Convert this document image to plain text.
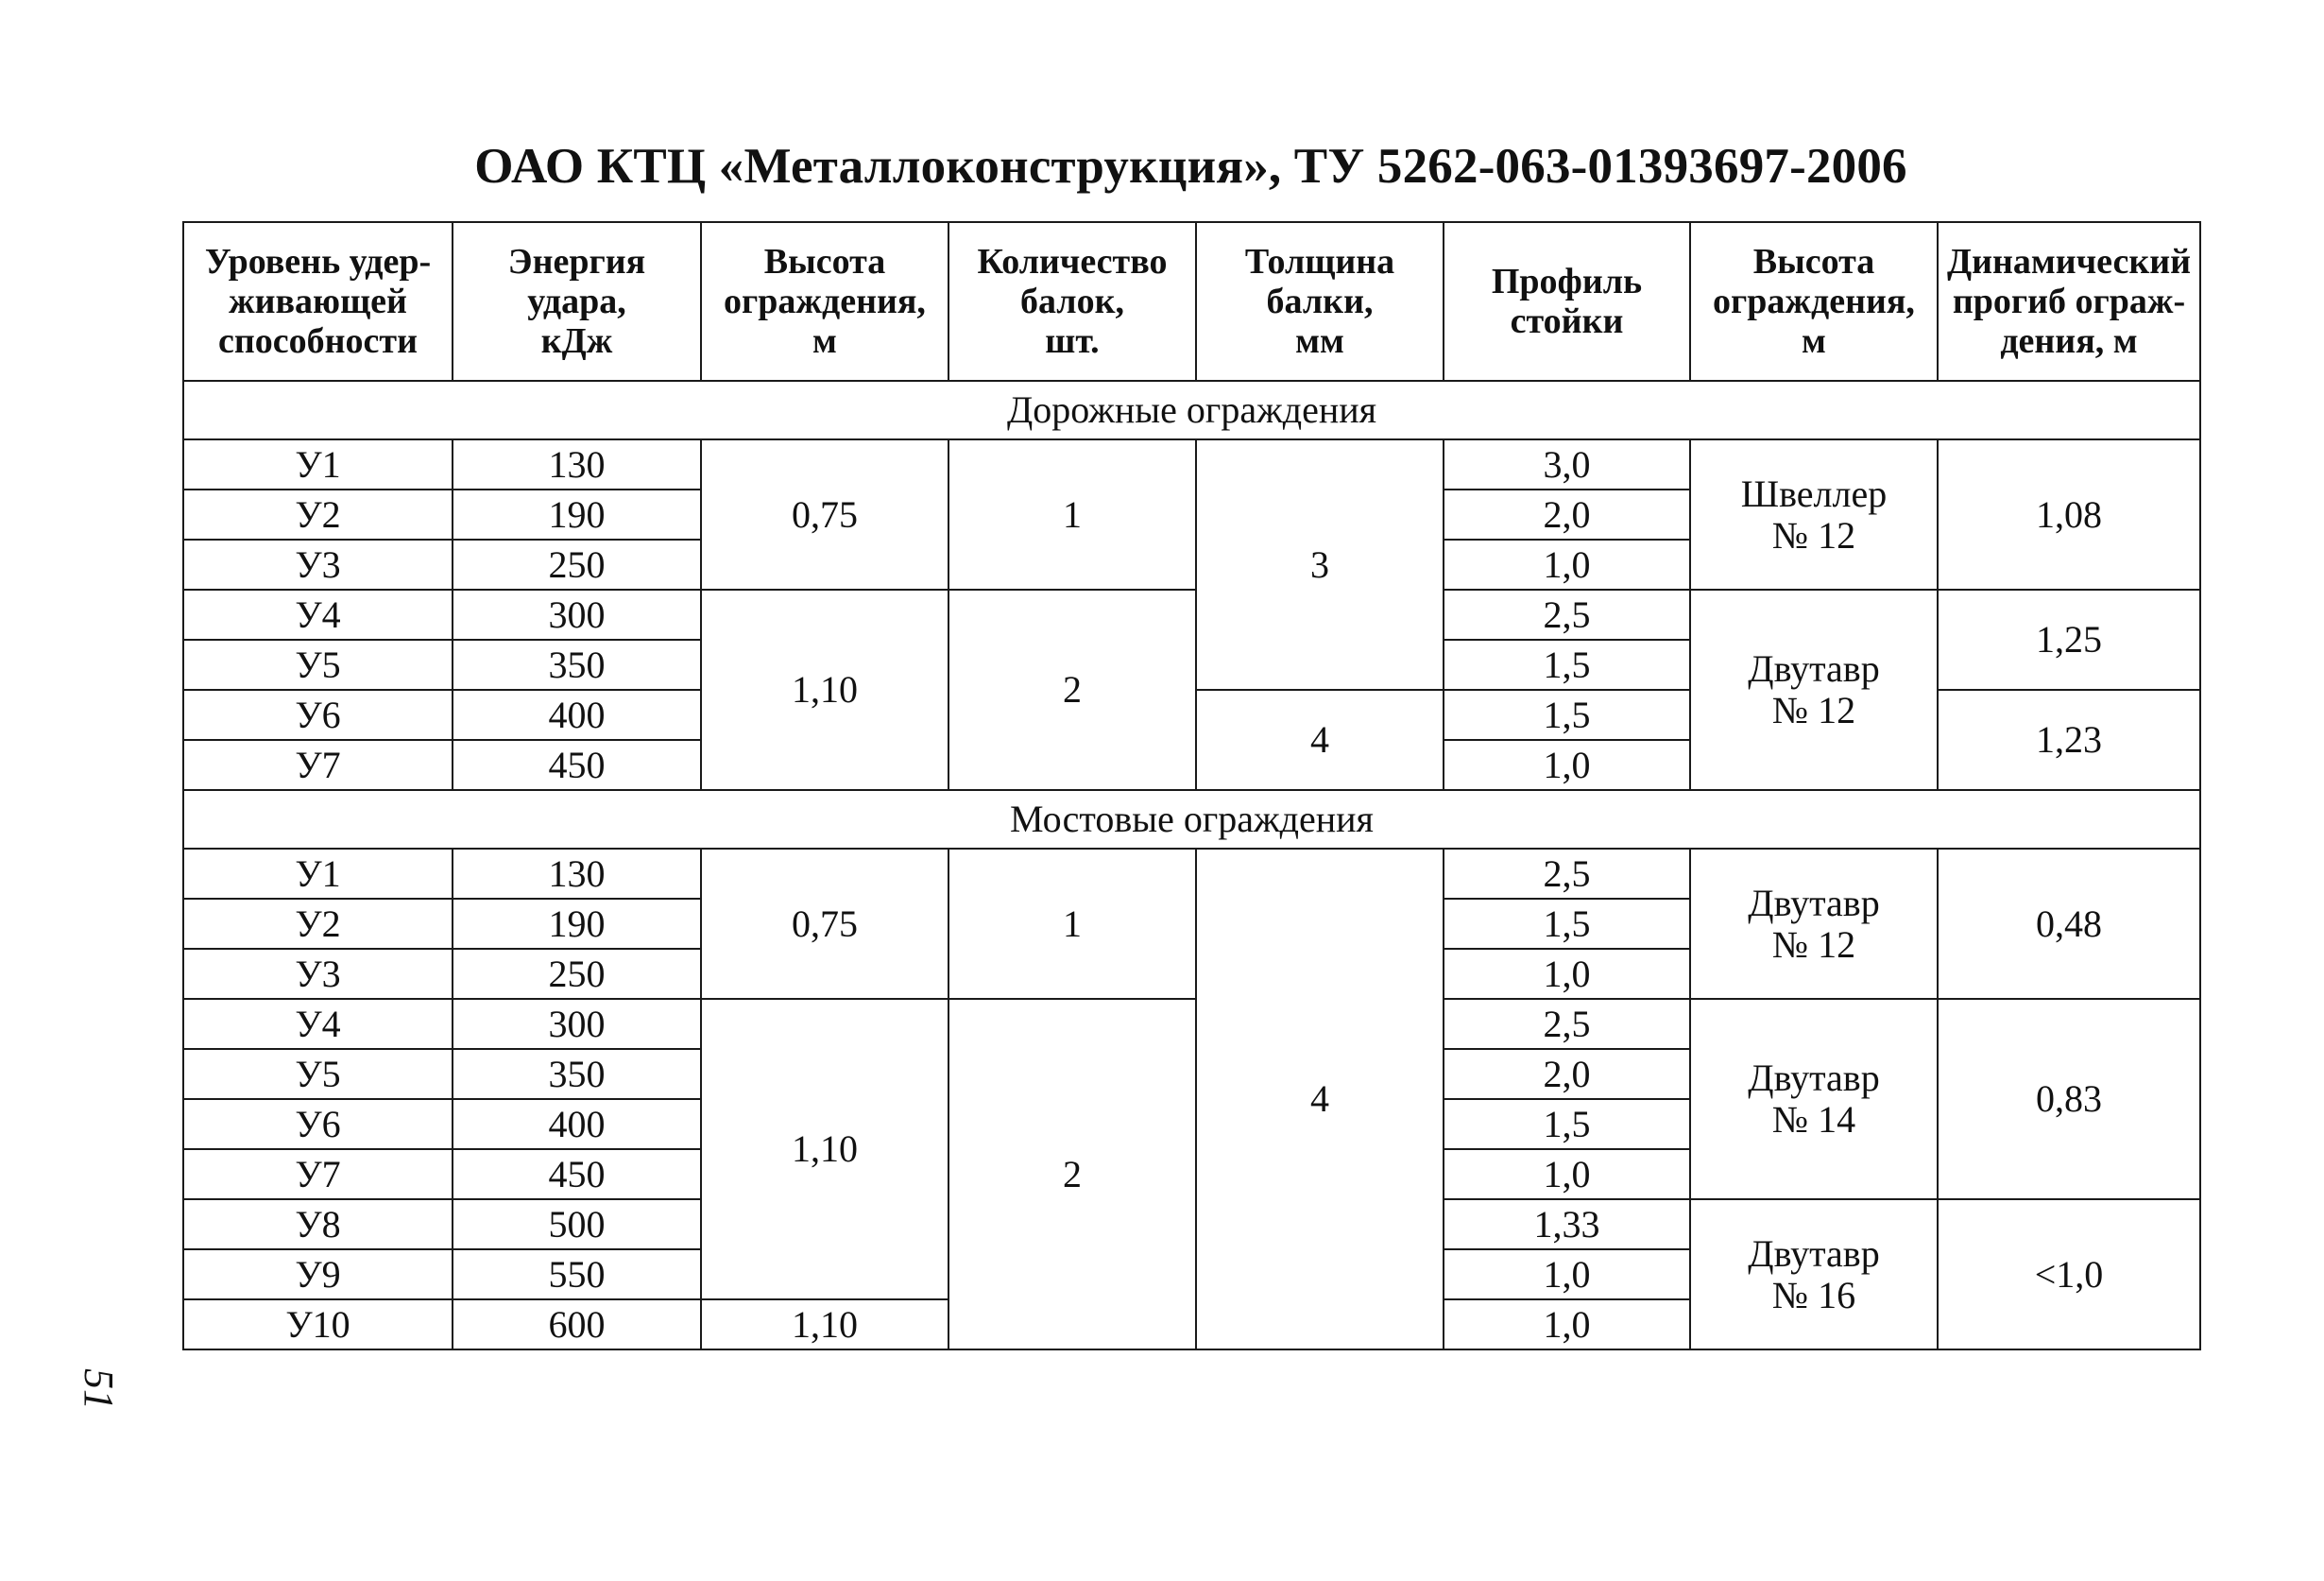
ОАО КТЦ «Металлоконструкция», ТУ 5262-063-01393697-2006
51
Уровень удер-
живающей
способности	Энергия
удара,
кДж	Высота
ограждения,
м	Количество
балок,
шт.	Толщина
балки,
мм	Профиль
стойки	Высота
ограждения,
м	Динамический
прогиб ограж-
дения, м

Дорожные ограждения							
У1	130	0,75	1	3	3,0	Швеллер
№ 12	1,08
У2	190				2,0		
У3	250				1,0		
У4	300	1,10	2		2,5	Двутавр
№ 12	1,25
У5	350				1,5		
У6	400			4	1,5		1,23
У7	450				1,0		
Мостовые ограждения							
У1	130	0,75	1	4	2,5	Двутавр
№ 12	0,48
У2	190				1,5		
У3	250				1,0		
У4	300	1,10	2		2,5	Двутавр
№ 14	0,83
У5	350				2,0		
У6	400				1,5		
У7	450				1,0		
У8	500				1,33	Двутавр
№ 16	<1,0
У9	550				1,0		
У10	600	1,10			1,0		
